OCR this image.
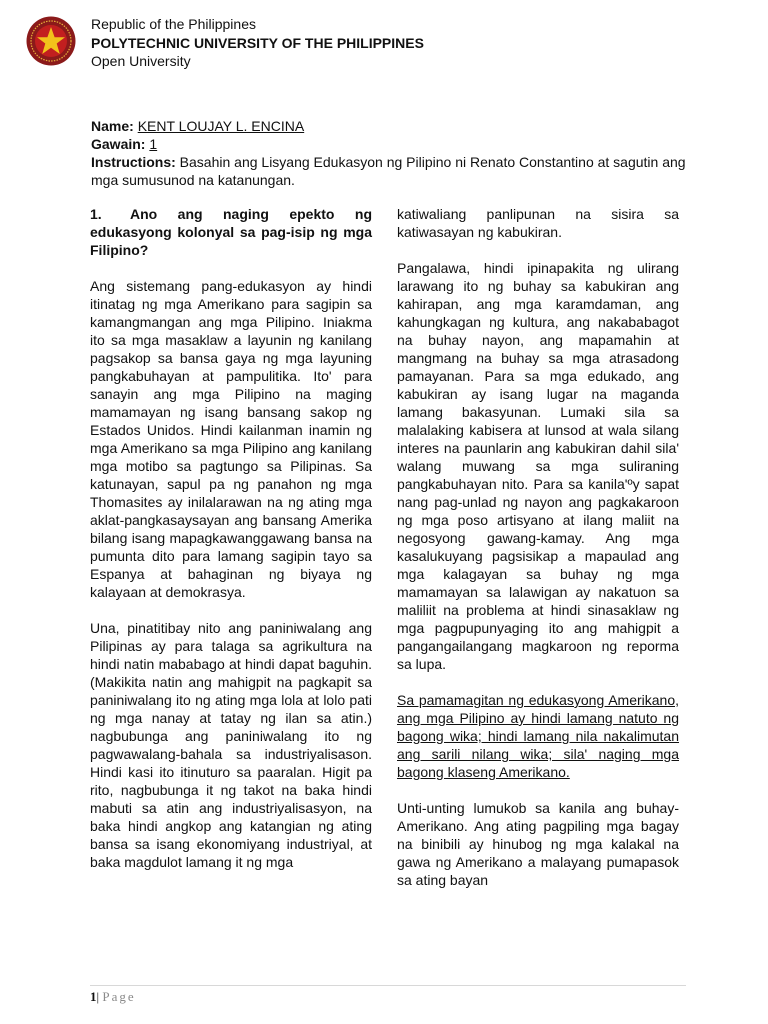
Republic of the Philippines
POLYTECHNIC UNIVERSITY OF THE PHILIPPINES
Open University
Name: KENT LOUJAY L. ENCINA
Gawain: 1
Instructions: Basahin ang Lisyang Edukasyon ng Pilipino ni Renato Constantino at sagutin ang mga sumusunod na katanungan.

1. Ano ang naging epekto ng edukasyong kolonyal sa pag-isip ng mga Filipino?

Ang sistemang pang-edukasyon ay hindi itinatag ng mga Amerikano para sagipin sa kamangmangan ang mga Pilipino. Iniakma ito sa mga masaklaw a layunin ng kanilang pagsakop sa bansa gaya ng mga layuning pangkabuhayan at pampulitika. Ito' para sanayin ang mga Pilipino na maging mamamayan ng isang bansang sakop ng Estados Unidos. Hindi kailanman inamin ng mga Amerikano sa mga Pilipino ang kanilang mga motibo sa pagtungo sa Pilipinas. Sa katunayan, sapul pa ng panahon ng mga Thomasites ay inilalarawan na ng ating mga aklat-pangkasaysayan ang bansang Amerika bilang isang mapagkawanggawang bansa na pumunta dito para lamang sagipin tayo sa Espanya at bahaginan ng biyaya ng kalayaan at demokrasya.

Una, pinatitibay nito ang paniniwalang ang Pilipinas ay para talaga sa agrikultura na hindi natin mababago at hindi dapat baguhin. (Makikita natin ang mahigpit na pagkapit sa paniniwalang ito ng ating mga lola at lolo pati ng mga nanay at tatay ng ilan sa atin.) nagbubunga ang paniniwalang ito ng pagwawalang-bahala sa industriyalisason. Hindi kasi ito itinuturo sa paaralan. Higit pa rito, nagbubunga it ng takot na baka hindi mabuti sa atin ang industriyalisasyon, na baka hindi angkop ang katangian ng ating bansa sa isang ekonomiyang industriyal, at baka magdulot lamang it ng mga

katiwaliang panlipunan na sisira sa katiwasayan ng kabukiran.

Pangalawa, hindi ipinapakita ng ulirang larawang ito ng buhay sa kabukiran ang kahirapan, ang mga karamdaman, ang kahungkagan ng kultura, ang nakababagot na buhay nayon, ang mapamahin at mangmang na buhay sa mga atrasadong pamayanan. Para sa mga edukado, ang kabukiran ay isang lugar na maganda lamang bakasyunan. Lumaki sila sa malalaking kabisera at lunsod at wala silang interes na paunlarin ang kabukiran dahil sila' walang muwang sa mga suliraning pangkabuhayan nito. Para sa kanila'ºy sapat nang pag-unlad ng nayon ang pagkakaroon ng mga poso artisyano at ilang maliit na negosyong gawang-kamay. Ang mga kasalukuyang pagsisikap a mapaulad ang mga kalagayan sa buhay ng mga mamamayan sa lalawigan ay nakatuon sa maliliit na problema at hindi sinasaklaw ng mga pagpupunyaging ito ang mahigpit a pangangailangang magkaroon ng reporma sa lupa.

Sa pamamagitan ng edukasyong Amerikano, ang mga Pilipino ay hindi lamang natuto ng bagong wika; hindi lamang nila nakalimutan ang sarili nilang wika; sila' naging mga bagong klaseng Amerikano.

Unti-unting lumukob sa kanila ang buhay-Amerikano. Ang ating pagpiling mga bagay na binibili ay hinubog ng mga kalakal na gawa ng Amerikano a malayang pumapasok sa ating bayan

1| Page
